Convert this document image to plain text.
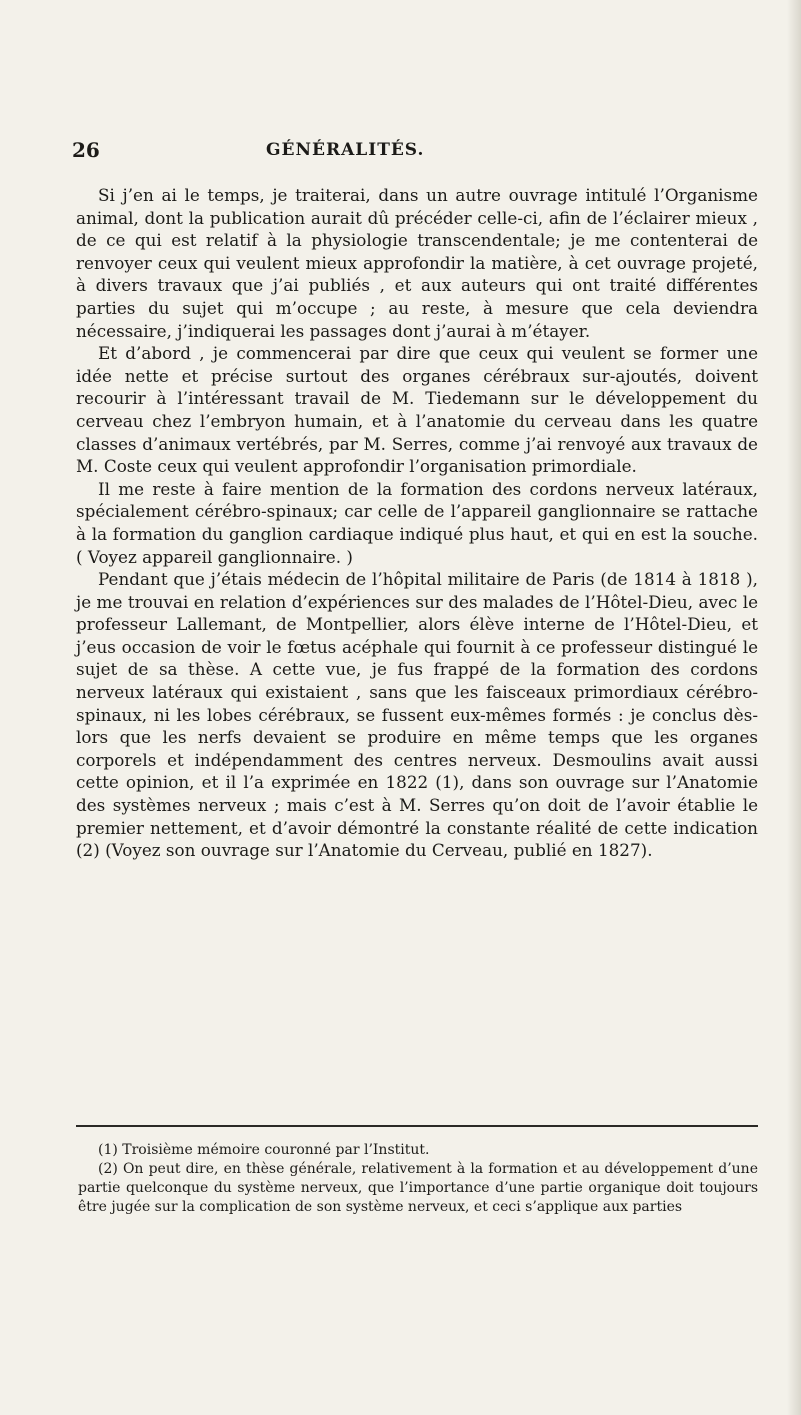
26	GÉNÉRALITÉS.

Si j’en ai le temps, je traiterai, dans un autre ouvrage intitulé l’Organisme animal, dont la publication aurait dû précéder celle-ci, afin de l’éclairer mieux , de ce qui est relatif à la physiologie transcendentale; je me contenterai de renvoyer ceux qui veulent mieux approfondir la matière, à cet ouvrage projeté, à divers travaux que j’ai publiés , et aux auteurs qui ont traité différentes parties du sujet qui m’occupe ; au reste, à mesure que cela deviendra nécessaire, j’indiquerai les passages dont j’aurai à m’étayer.

Et d’abord , je commencerai par dire que ceux qui veulent se former une idée nette et précise surtout des organes cérébraux sur-ajoutés, doivent recourir à l’intéressant travail de M. Tiedemann sur le développement du cerveau chez l’embryon humain, et à l’anatomie du cerveau dans les quatre classes d’animaux vertébrés, par M. Serres, comme j’ai renvoyé aux travaux de M. Coste ceux qui veulent approfondir l’organisation primordiale.

Il me reste à faire mention de la formation des cordons nerveux latéraux, spécialement cérébro-spinaux; car celle de l’appareil ganglionnaire se rattache à la formation du ganglion cardiaque indiqué plus haut, et qui en est la souche. ( Voyez appareil ganglionnaire. )

Pendant que j’étais médecin de l’hôpital militaire de Paris (de 1814 à 1818 ), je me trouvai en relation d’expériences sur des malades de l’Hôtel-Dieu, avec le professeur Lallemant, de Montpellier, alors élève interne de l’Hôtel-Dieu, et j’eus occasion de voir le fœtus acéphale qui fournit à ce professeur distingué le sujet de sa thèse. A cette vue, je fus frappé de la formation des cordons nerveux latéraux qui existaient , sans que les faisceaux primordiaux cérébro-spinaux, ni les lobes cérébraux, se fussent eux-mêmes formés : je conclus dès-lors que les nerfs devaient se produire en même temps que les organes corporels et indépendamment des centres nerveux. Desmoulins avait aussi cette opinion, et il l’a exprimée en 1822 (1), dans son ouvrage sur l’Anatomie des systèmes nerveux ; mais c’est à M. Serres qu’on doit de l’avoir établie le premier nettement, et d’avoir démontré la constante réalité de cette indication (2) (Voyez son ouvrage sur l’Anatomie du Cerveau, publié en 1827).

(1) Troisième mémoire couronné par l’Institut.

(2) On peut dire, en thèse générale, relativement à la formation et au développement d’une partie quelconque du système nerveux, que l’importance d’une partie organique doit toujours être jugée sur la complication de son système nerveux, et ceci s’applique aux parties
